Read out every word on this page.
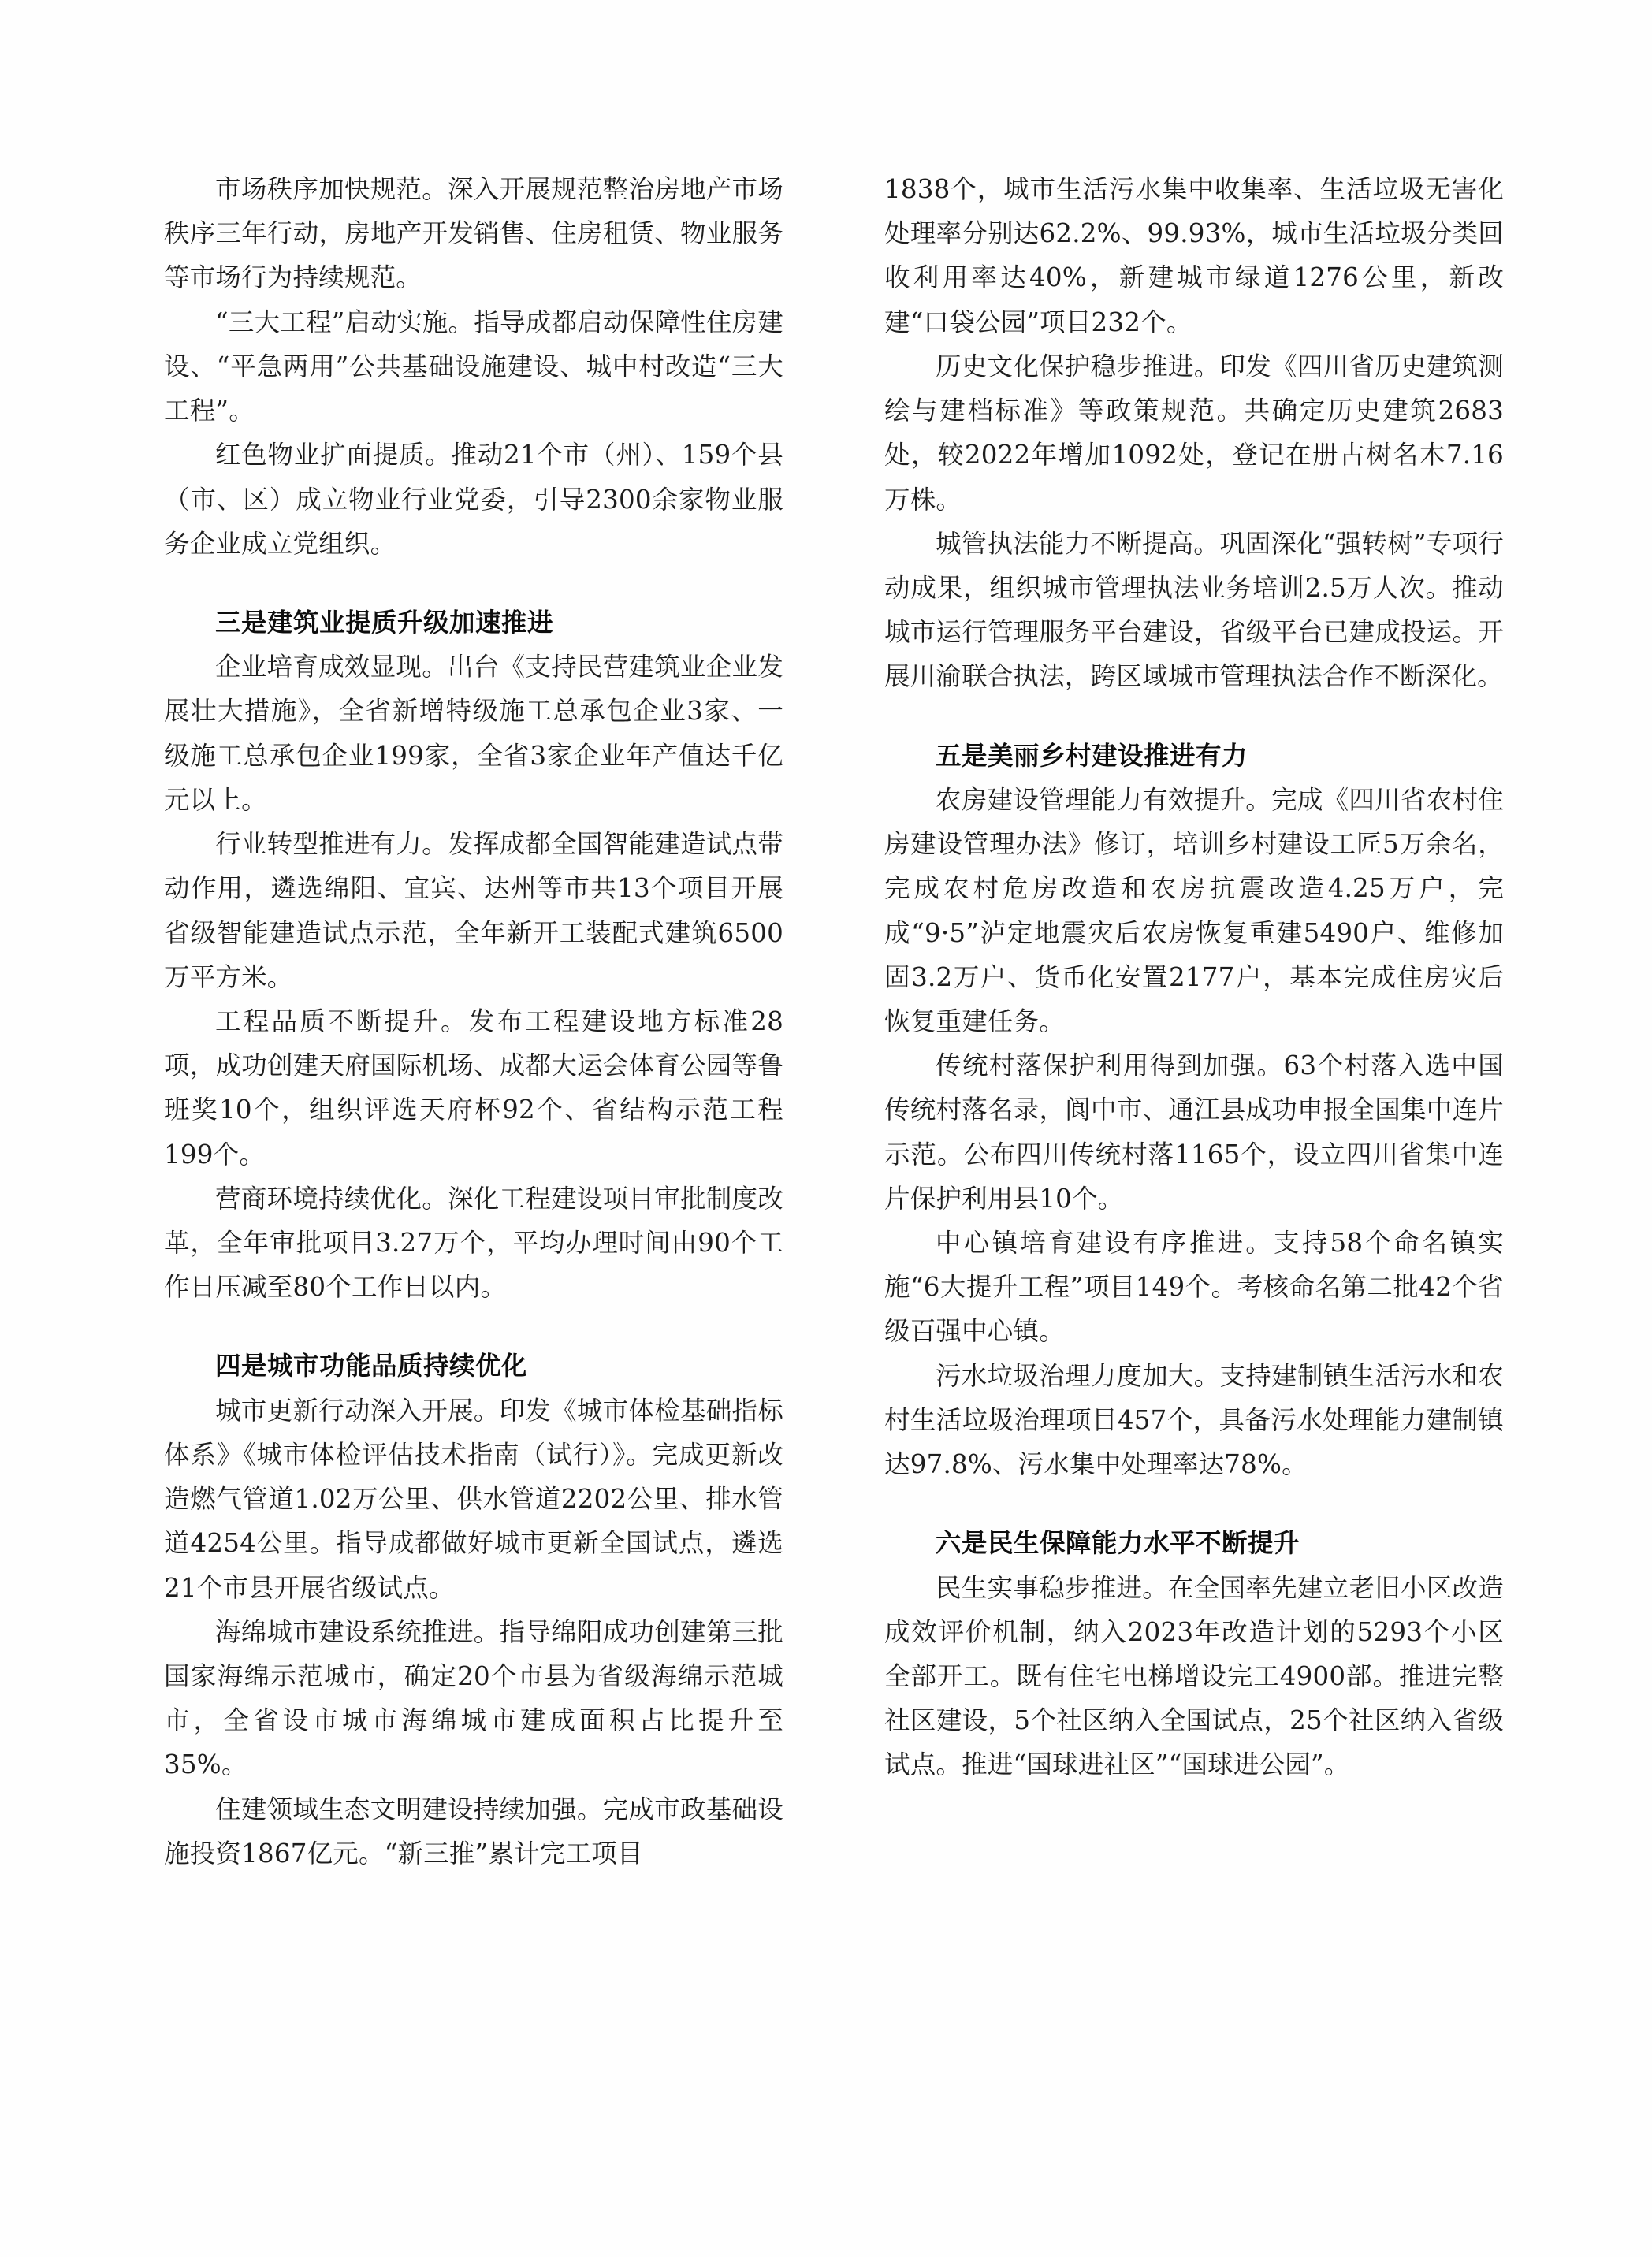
市场秩序加快规范。深入开展规范整治房地产市场秩序三年行动，房地产开发销售、住房租赁、物业服务等市场行为持续规范。

“三大工程”启动实施。指导成都启动保障性住房建设、“平急两用”公共基础设施建设、城中村改造“三大工程”。

红色物业扩面提质。推动21个市（州）、159个县（市、区）成立物业行业党委，引导2300余家物业服务企业成立党组织。

三是建筑业提质升级加速推进

企业培育成效显现。出台《支持民营建筑业企业发展壮大措施》，全省新增特级施工总承包企业3家、一级施工总承包企业199家，全省3家企业年产值达千亿元以上。

行业转型推进有力。发挥成都全国智能建造试点带动作用，遴选绵阳、宜宾、达州等市共13个项目开展省级智能建造试点示范，全年新开工装配式建筑6500万平方米。

工程品质不断提升。发布工程建设地方标准28项，成功创建天府国际机场、成都大运会体育公园等鲁班奖10个，组织评选天府杯92个、省结构示范工程199个。

营商环境持续优化。深化工程建设项目审批制度改革，全年审批项目3.27万个，平均办理时间由90个工作日压减至80个工作日以内。

四是城市功能品质持续优化

城市更新行动深入开展。印发《城市体检基础指标体系》《城市体检评估技术指南（试行）》。完成更新改造燃气管道1.02万公里、供水管道2202公里、排水管道4254公里。指导成都做好城市更新全国试点，遴选21个市县开展省级试点。

海绵城市建设系统推进。指导绵阳成功创建第三批国家海绵示范城市，确定20个市县为省级海绵示范城市，全省设市城市海绵城市建成面积占比提升至35%。

住建领域生态文明建设持续加强。完成市政基础设施投资1867亿元。“新三推”累计完工项目

1838个，城市生活污水集中收集率、生活垃圾无害化处理率分别达62.2%、99.93%，城市生活垃圾分类回收利用率达40%，新建城市绿道1276公里，新改建“口袋公园”项目232个。

历史文化保护稳步推进。印发《四川省历史建筑测绘与建档标准》等政策规范。共确定历史建筑2683处，较2022年增加1092处，登记在册古树名木7.16万株。

城管执法能力不断提高。巩固深化“强转树”专项行动成果，组织城市管理执法业务培训2.5万人次。推动城市运行管理服务平台建设，省级平台已建成投运。开展川渝联合执法，跨区域城市管理执法合作不断深化。

五是美丽乡村建设推进有力

农房建设管理能力有效提升。完成《四川省农村住房建设管理办法》修订，培训乡村建设工匠5万余名，完成农村危房改造和农房抗震改造4.25万户，完成“9·5”泸定地震灾后农房恢复重建5490户、维修加固3.2万户、货币化安置2177户，基本完成住房灾后恢复重建任务。

传统村落保护利用得到加强。63个村落入选中国传统村落名录，阆中市、通江县成功申报全国集中连片示范。公布四川传统村落1165个，设立四川省集中连片保护利用县10个。

中心镇培育建设有序推进。支持58个命名镇实施“6大提升工程”项目149个。考核命名第二批42个省级百强中心镇。

污水垃圾治理力度加大。支持建制镇生活污水和农村生活垃圾治理项目457个，具备污水处理能力建制镇达97.8%、污水集中处理率达78%。

六是民生保障能力水平不断提升

民生实事稳步推进。在全国率先建立老旧小区改造成效评价机制，纳入2023年改造计划的5293个小区全部开工。既有住宅电梯增设完工4900部。推进完整社区建设，5个社区纳入全国试点，25个社区纳入省级试点。推进“国球进社区”“国球进公园”。
